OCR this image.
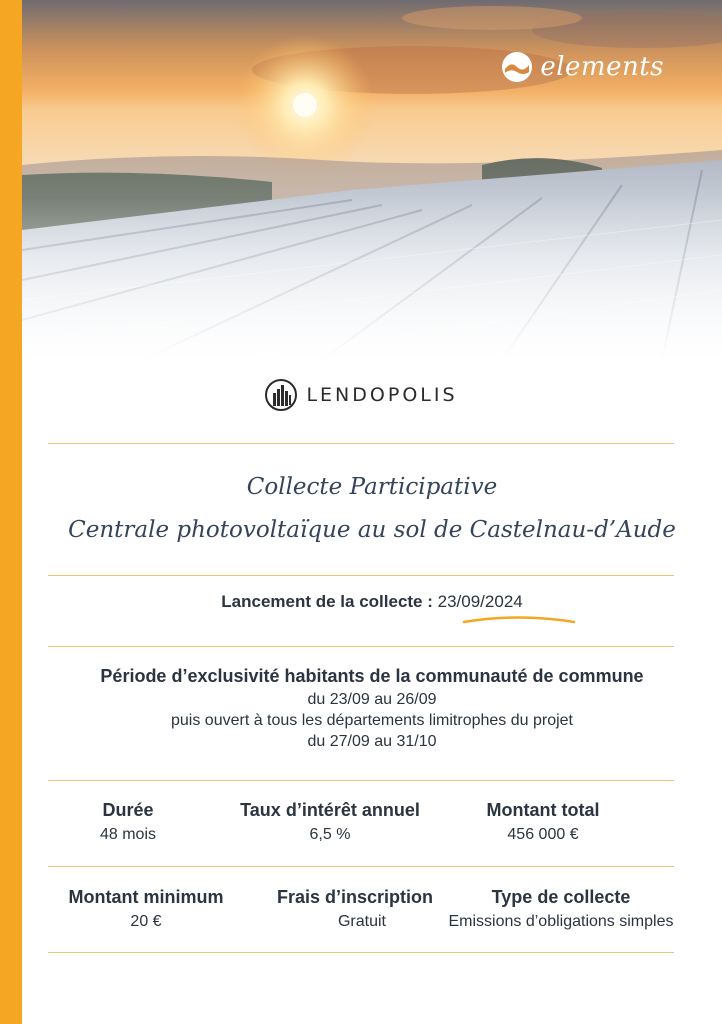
elements
LENDOPOLIS
Collecte Participative
Centrale photovoltaïque au sol de Castelnau-d’Aude
Lancement de la collecte : 23/09/2024
Période d’exclusivité habitants de la communauté de commune
du 23/09 au 26/09
puis ouvert à tous les départements limitrophes du projet
du 27/09 au 31/10
Durée
48 mois
Taux d’intérêt annuel
6,5 %
Montant total
456 000 €
Montant minimum
20 €
Frais d’inscription
Gratuit
Type de collecte
Emissions d’obligations simples
